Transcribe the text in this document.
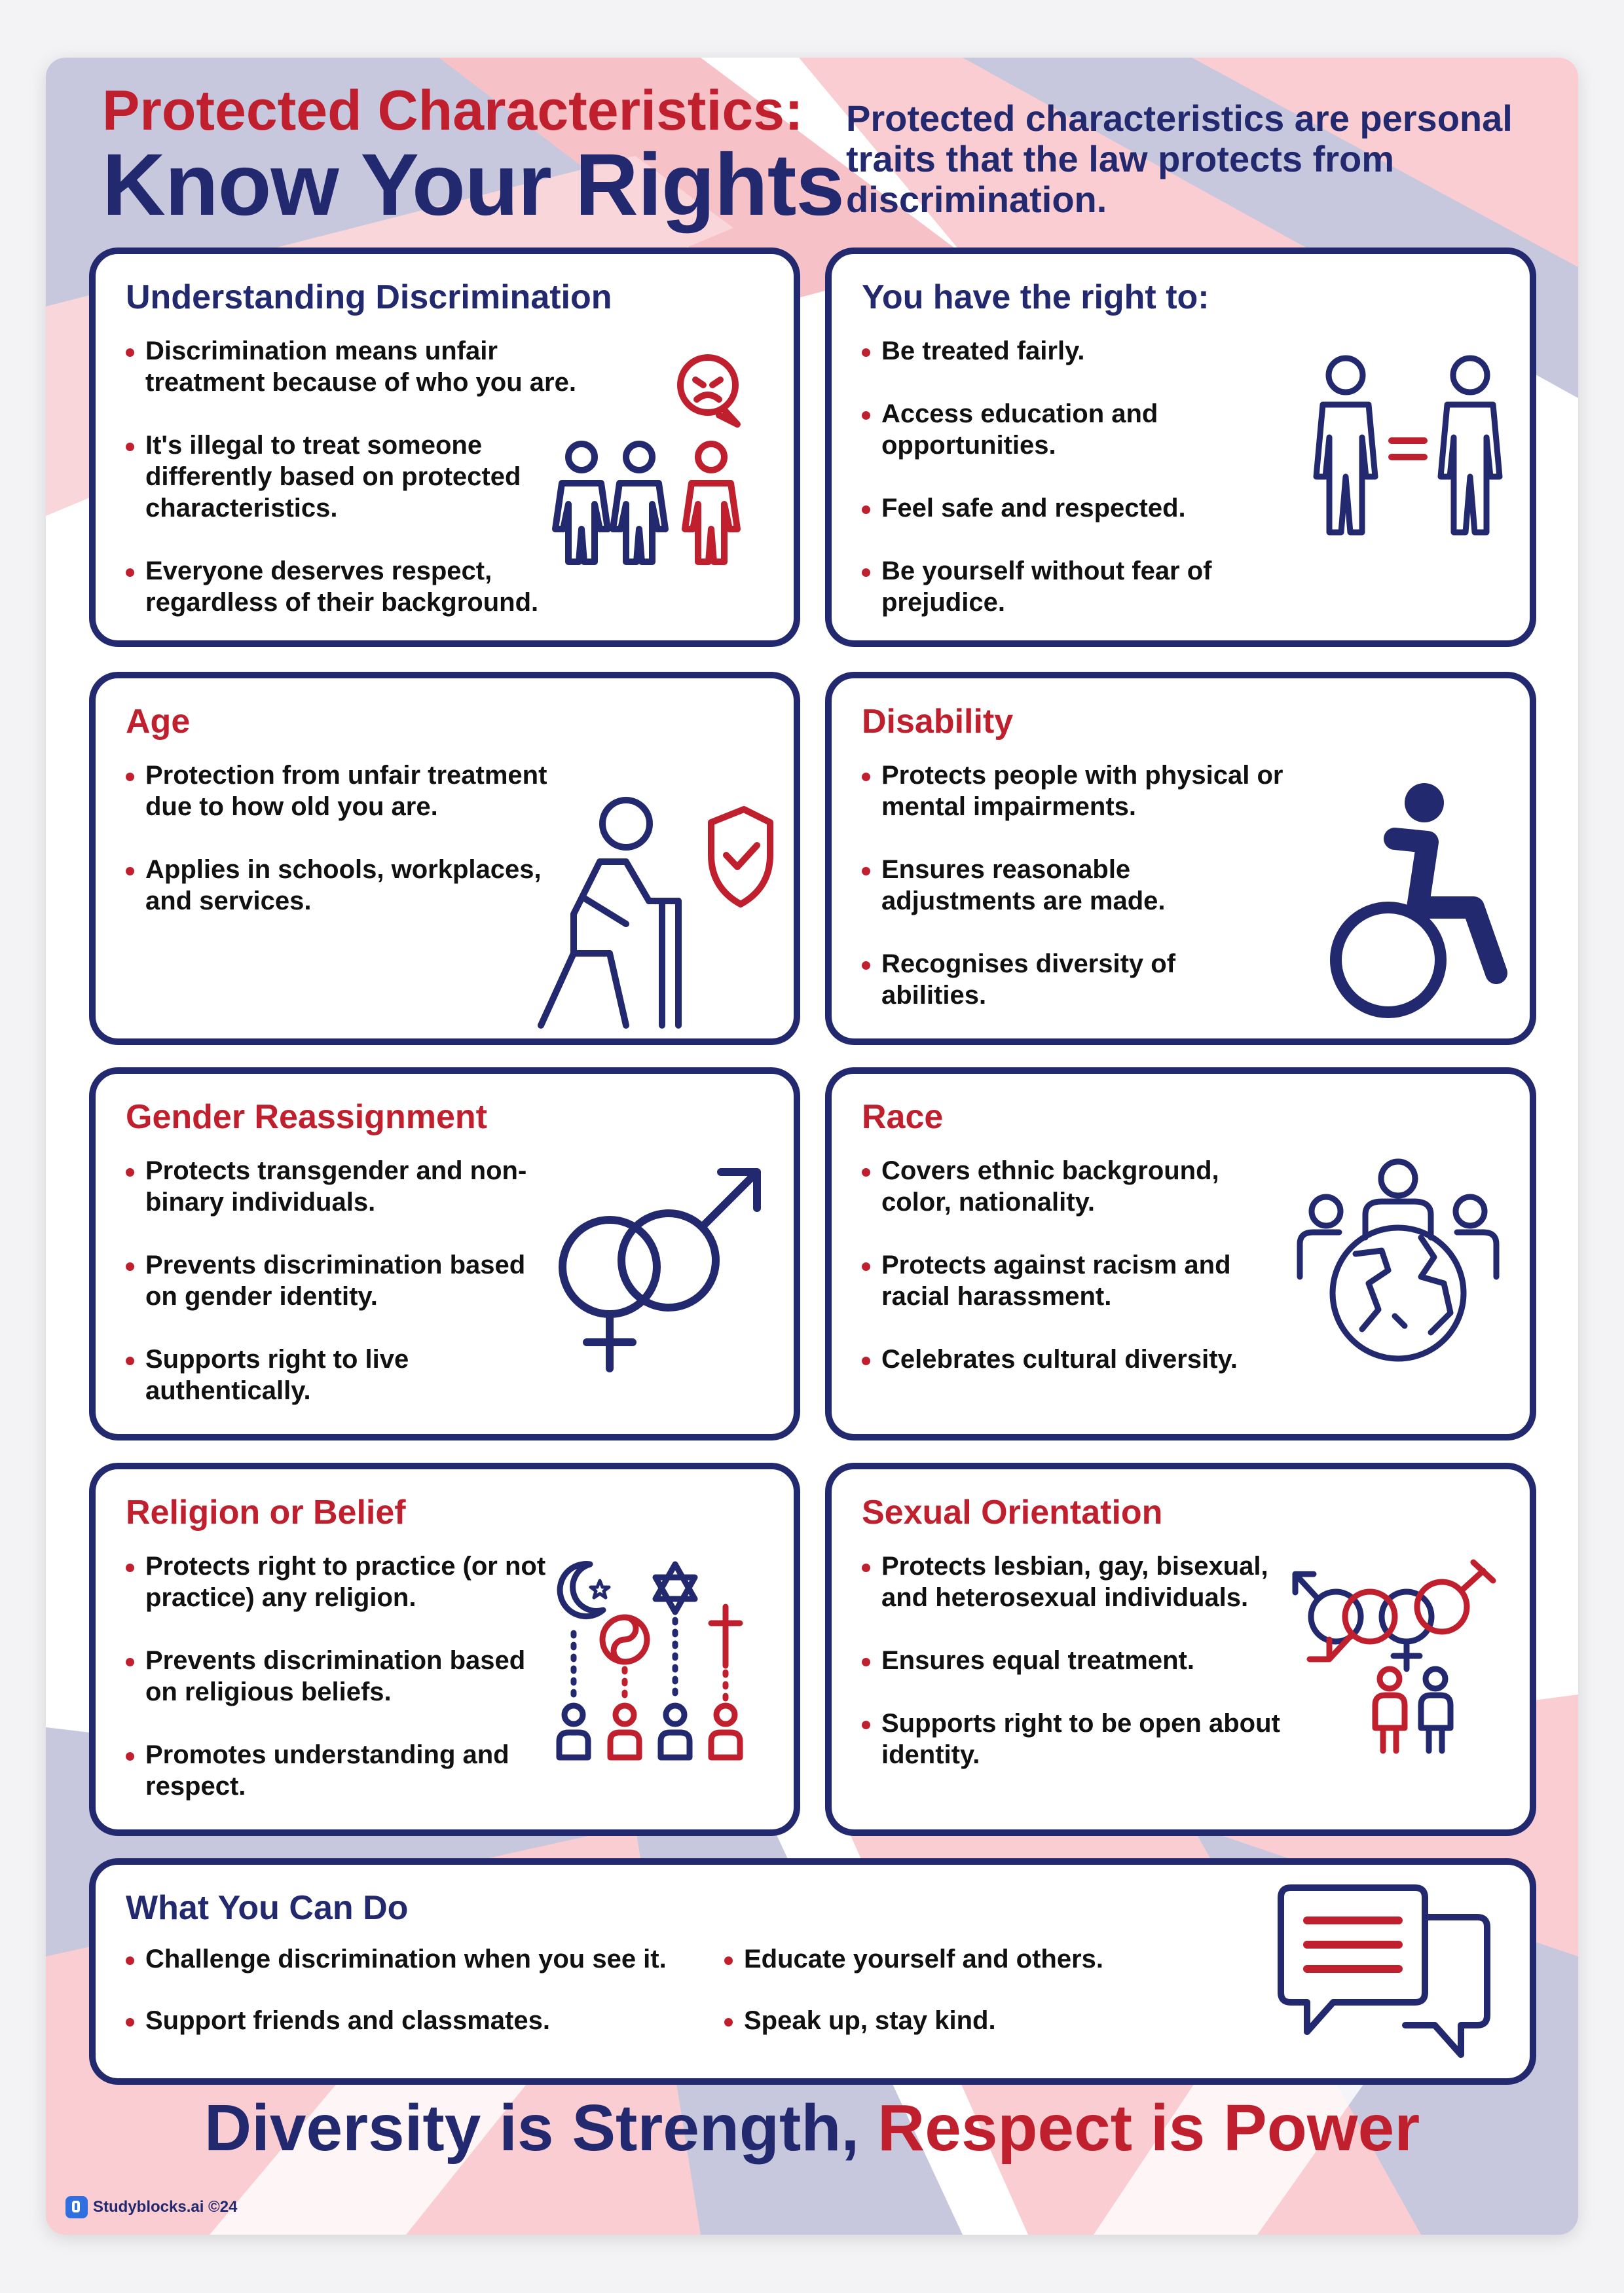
Protected Characteristics:
Know Your Rights
Protected characteristics are personal traits that the law protects from discrimination.
Understanding Discrimination
Discrimination means unfair treatment because of who you are.
It's illegal to treat someone differently based on protected characteristics.
Everyone deserves respect, regardless of their background.
You have the right to:
Be treated fairly.
Access education and opportunities.
Feel safe and respected.
Be yourself without fear of prejudice.
Age
Protection from unfair treatment due to how old you are.
Applies in schools, workplaces, and services.
Disability
Protects people with physical or mental impairments.
Ensures reasonable adjustments are made.
Recognises diversity of abilities.
Gender Reassignment
Protects transgender and non-binary individuals.
Prevents discrimination based on gender identity.
Supports right to live authentically.
Race
Covers ethnic background, color, nationality.
Protects against racism and racial harassment.
Celebrates cultural diversity.
Religion or Belief
Protects right to practice (or not practice) any religion.
Prevents discrimination based on religious beliefs.
Promotes understanding and respect.
Sexual Orientation
Protects lesbian, gay, bisexual, and heterosexual individuals.
Ensures equal treatment.
Supports right to be open about identity.
What You Can Do
Challenge discrimination when you see it.
Support friends and classmates.
Educate yourself and others.
Speak up, stay kind.
Diversity is Strength, Respect is Power
Studyblocks.ai ©24
